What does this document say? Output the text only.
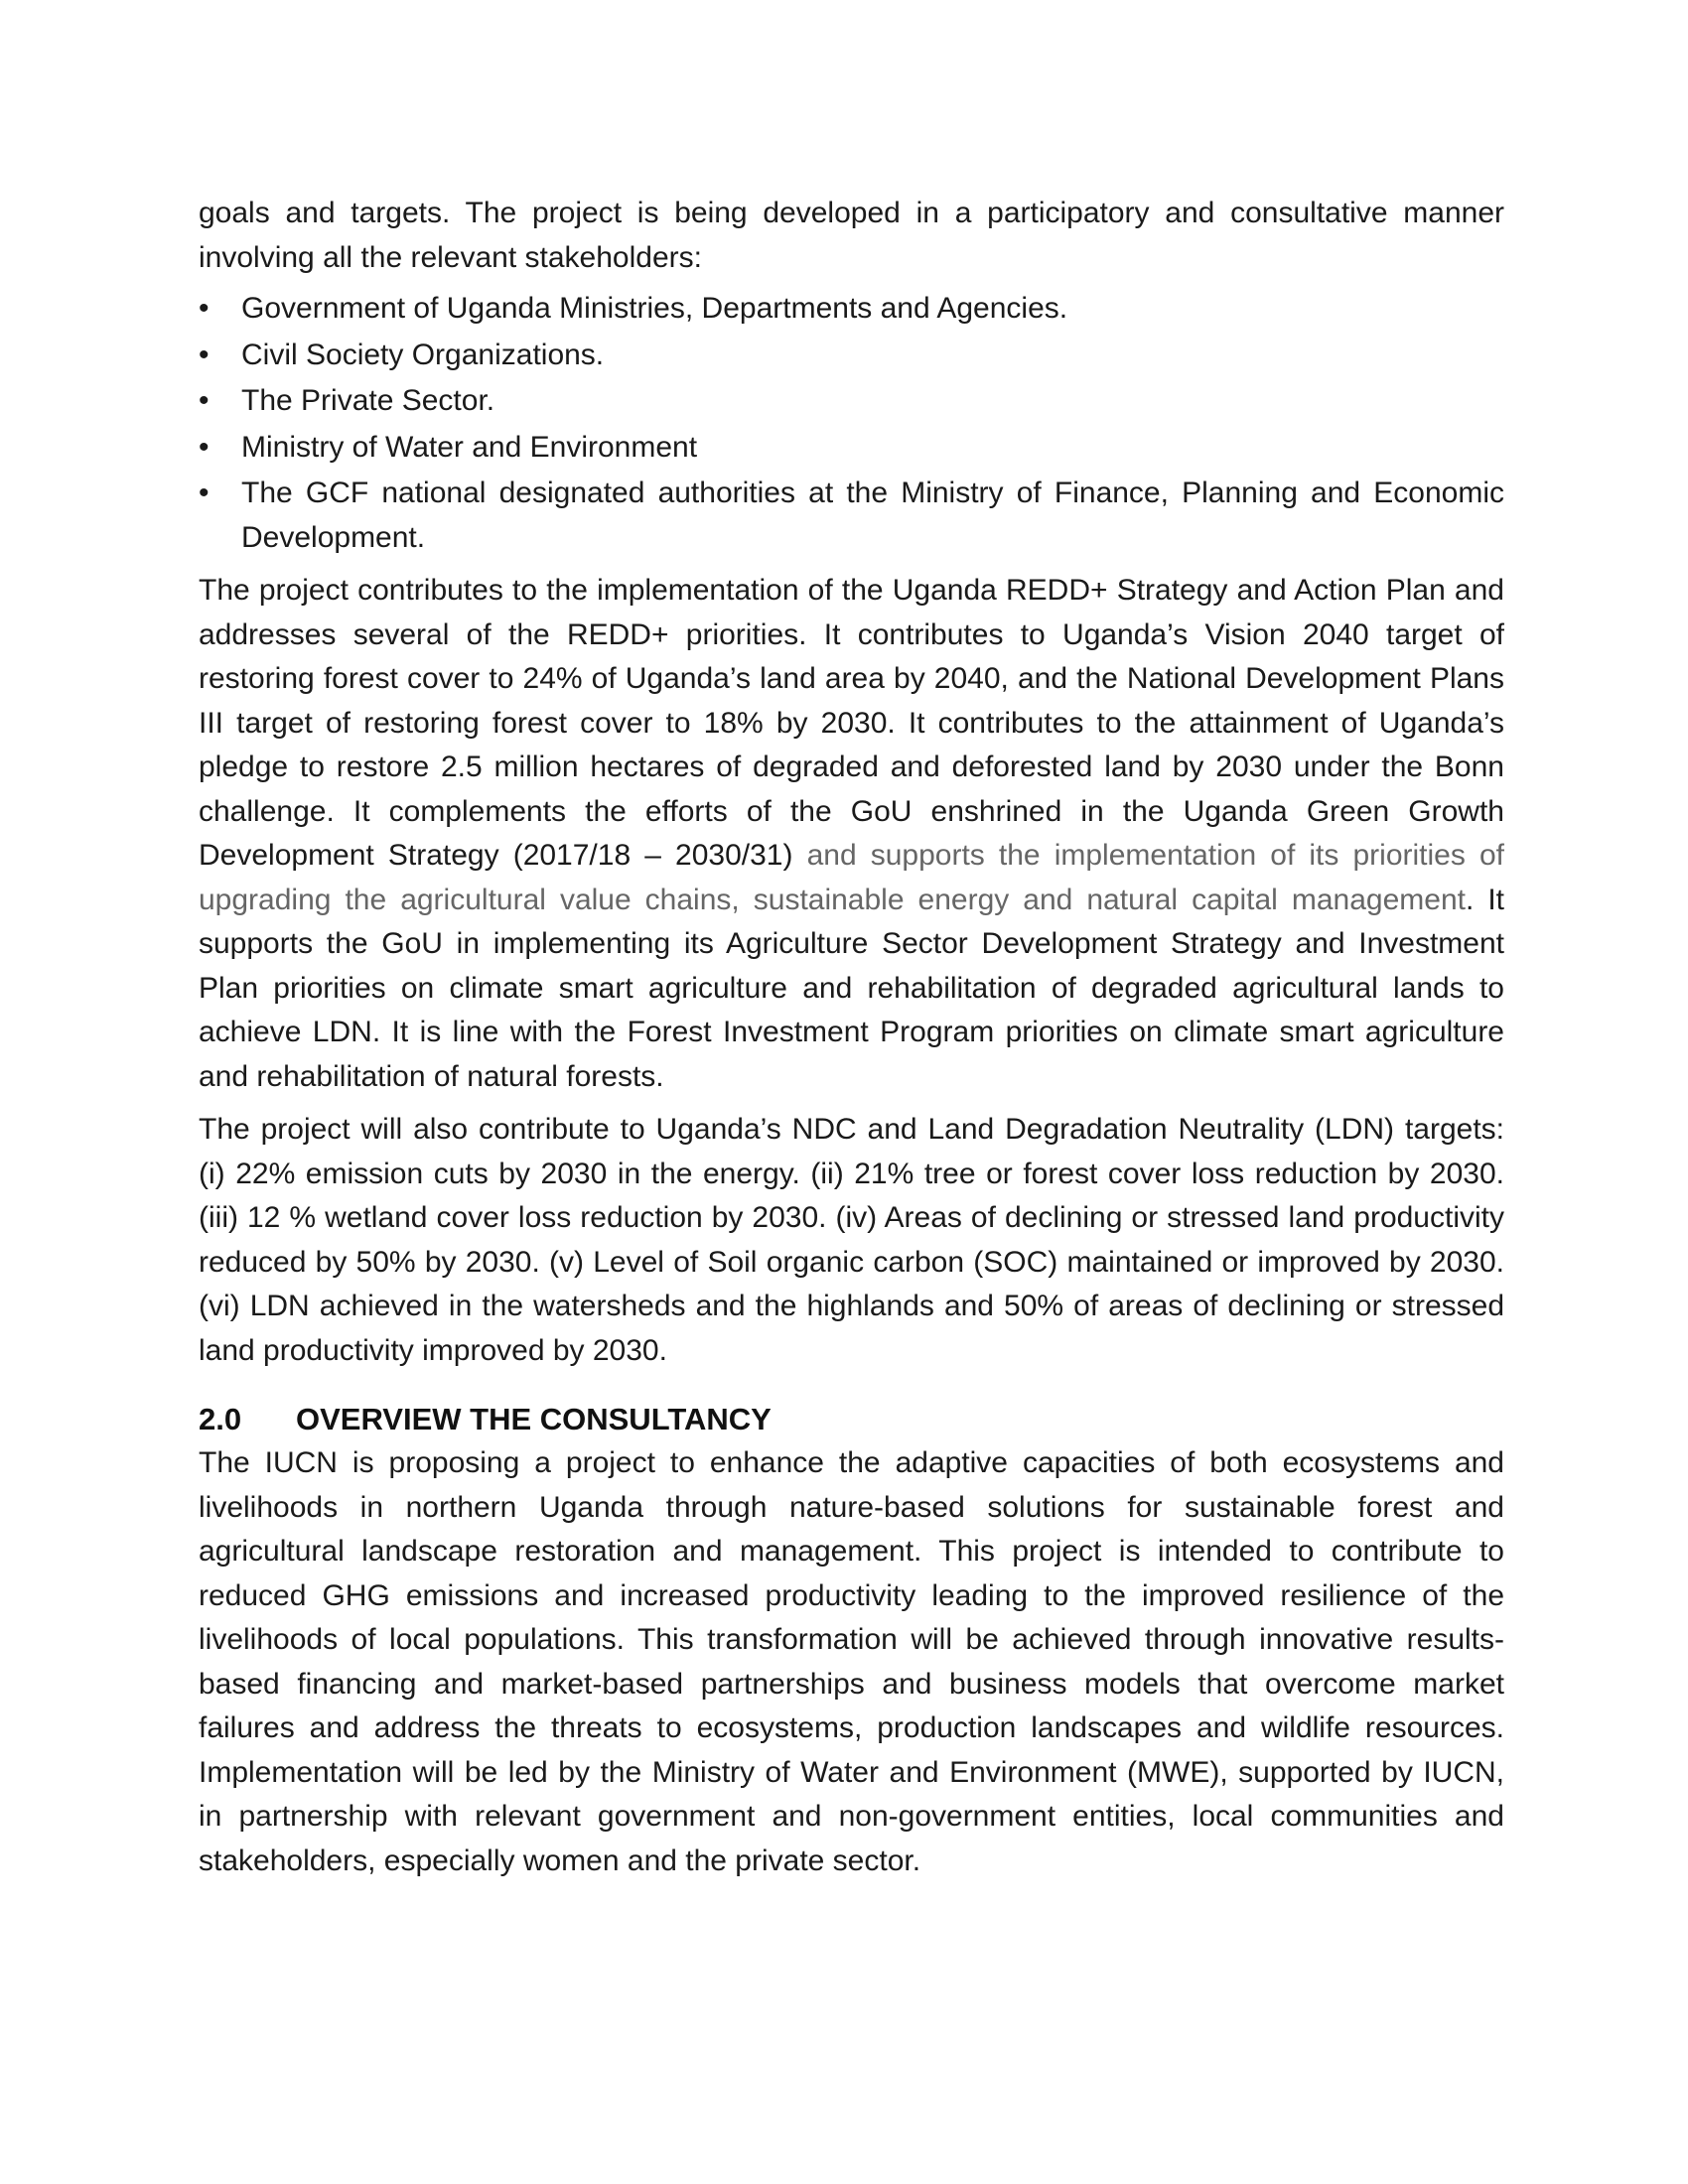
goals and targets. The project is being developed in a participatory and consultative manner involving all the relevant stakeholders:

•	Government of Uganda Ministries, Departments and Agencies.
•	Civil Society Organizations.
•	The Private Sector.
•	Ministry of Water and Environment
•	The GCF national designated authorities at the Ministry of Finance, Planning and Economic Development.

The project contributes to the implementation of the Uganda REDD+ Strategy and Action Plan and addresses several of the REDD+ priorities. It contributes to Uganda’s Vision 2040 target of restoring forest cover to 24% of Uganda’s land area by 2040, and the National Development Plans III target of restoring forest cover to 18% by 2030. It contributes to the attainment of Uganda’s pledge to restore 2.5 million hectares of degraded and deforested land by 2030 under the Bonn challenge. It complements the efforts of the GoU enshrined in the Uganda Green Growth Development Strategy (2017/18 – 2030/31) and supports the implementation of its priorities of upgrading the agricultural value chains, sustainable energy and natural capital management. It supports the GoU in implementing its Agriculture Sector Development Strategy and Investment Plan priorities on climate smart agriculture and rehabilitation of degraded agricultural lands to achieve LDN. It is line with the Forest Investment Program priorities on climate smart agriculture and rehabilitation of natural forests.

The project will also contribute to Uganda’s NDC and Land Degradation Neutrality (LDN) targets: (i) 22% emission cuts by 2030 in the energy. (ii) 21% tree or forest cover loss reduction by 2030. (iii) 12 % wetland cover loss reduction by 2030. (iv) Areas of declining or stressed land productivity reduced by 50% by 2030. (v) Level of Soil organic carbon (SOC) maintained or improved by 2030. (vi) LDN achieved in the watersheds and the highlands and 50% of areas of declining or stressed land productivity improved by 2030.

2.0	OVERVIEW THE CONSULTANCY

The IUCN is proposing a project to enhance the adaptive capacities of both ecosystems and livelihoods in northern Uganda through nature-based solutions for sustainable forest and agricultural landscape restoration and management. This project is intended to contribute to reduced GHG emissions and increased productivity leading to the improved resilience of the livelihoods of local populations. This transformation will be achieved through innovative results-based financing and market-based partnerships and business models that overcome market failures and address the threats to ecosystems, production landscapes and wildlife resources. Implementation will be led by the Ministry of Water and Environment (MWE), supported by IUCN, in partnership with relevant government and non-government entities, local communities and stakeholders, especially women and the private sector.
